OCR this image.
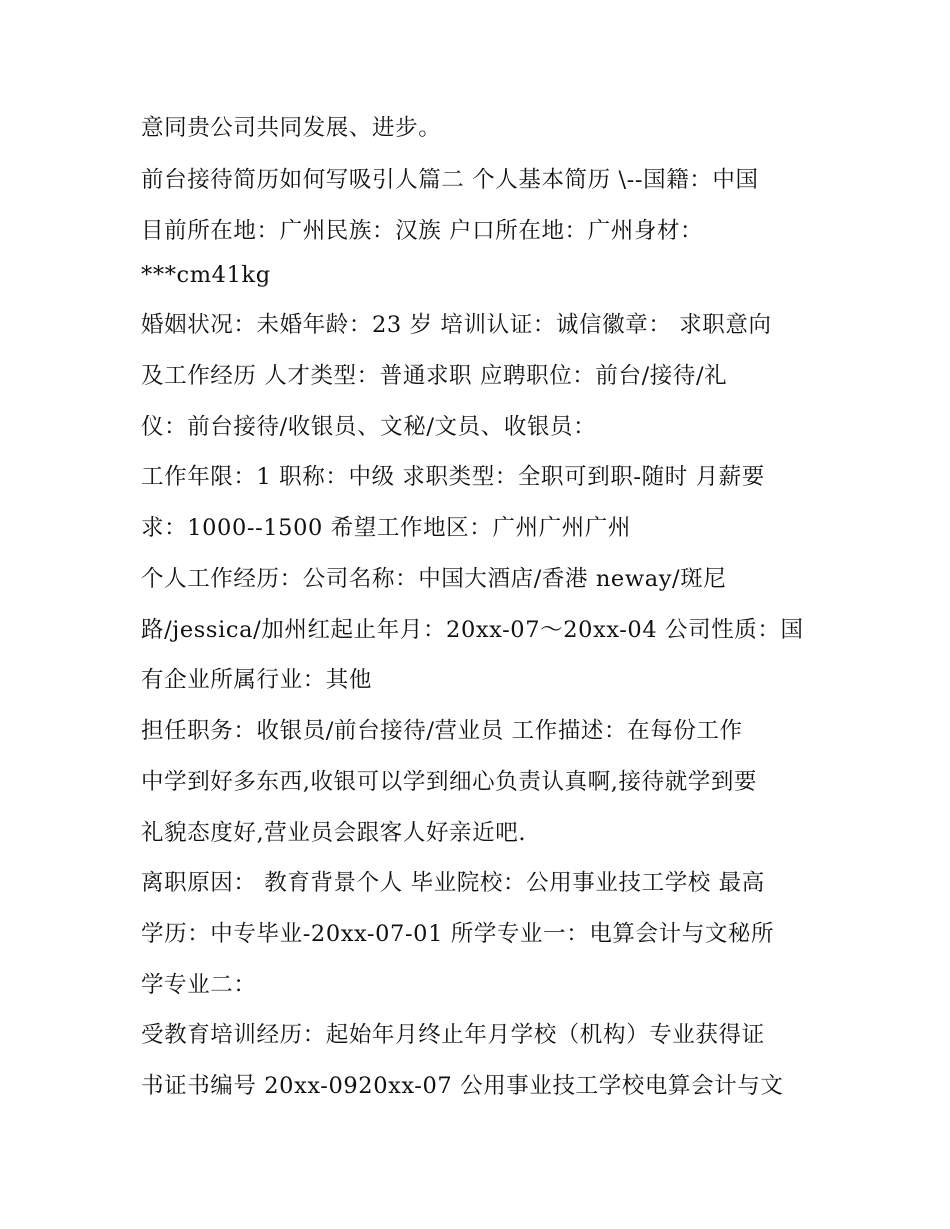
意同贵公司共同发展、进步。
前台接待简历如何写吸引人篇二 个人基本简历 \--国籍：中国
目前所在地：广州民族：汉族 户口所在地：广州身材：
***cm41kg
婚姻状况：未婚年龄：23 岁 培训认证：诚信徽章： 求职意向
及工作经历 人才类型：普通求职 应聘职位：前台/接待/礼
仪：前台接待/收银员、文秘/文员、收银员：
工作年限：1 职称：中级 求职类型：全职可到职-随时 月薪要
求：1000--1500 希望工作地区：广州广州广州
个人工作经历：公司名称：中国大酒店/香港 neway/斑尼
路/jessica/加州红起止年月：20xx-07～20xx-04 公司性质：国
有企业所属行业：其他
担任职务：收银员/前台接待/营业员 工作描述：在每份工作
中学到好多东西,收银可以学到细心负责认真啊,接待就学到要
礼貌态度好,营业员会跟客人好亲近吧.
离职原因： 教育背景个人 毕业院校：公用事业技工学校 最高
学历：中专毕业-20xx-07-01 所学专业一：电算会计与文秘所
学专业二：
受教育培训经历：起始年月终止年月学校（机构）专业获得证
书证书编号 20xx-0920xx-07 公用事业技工学校电算会计与文
